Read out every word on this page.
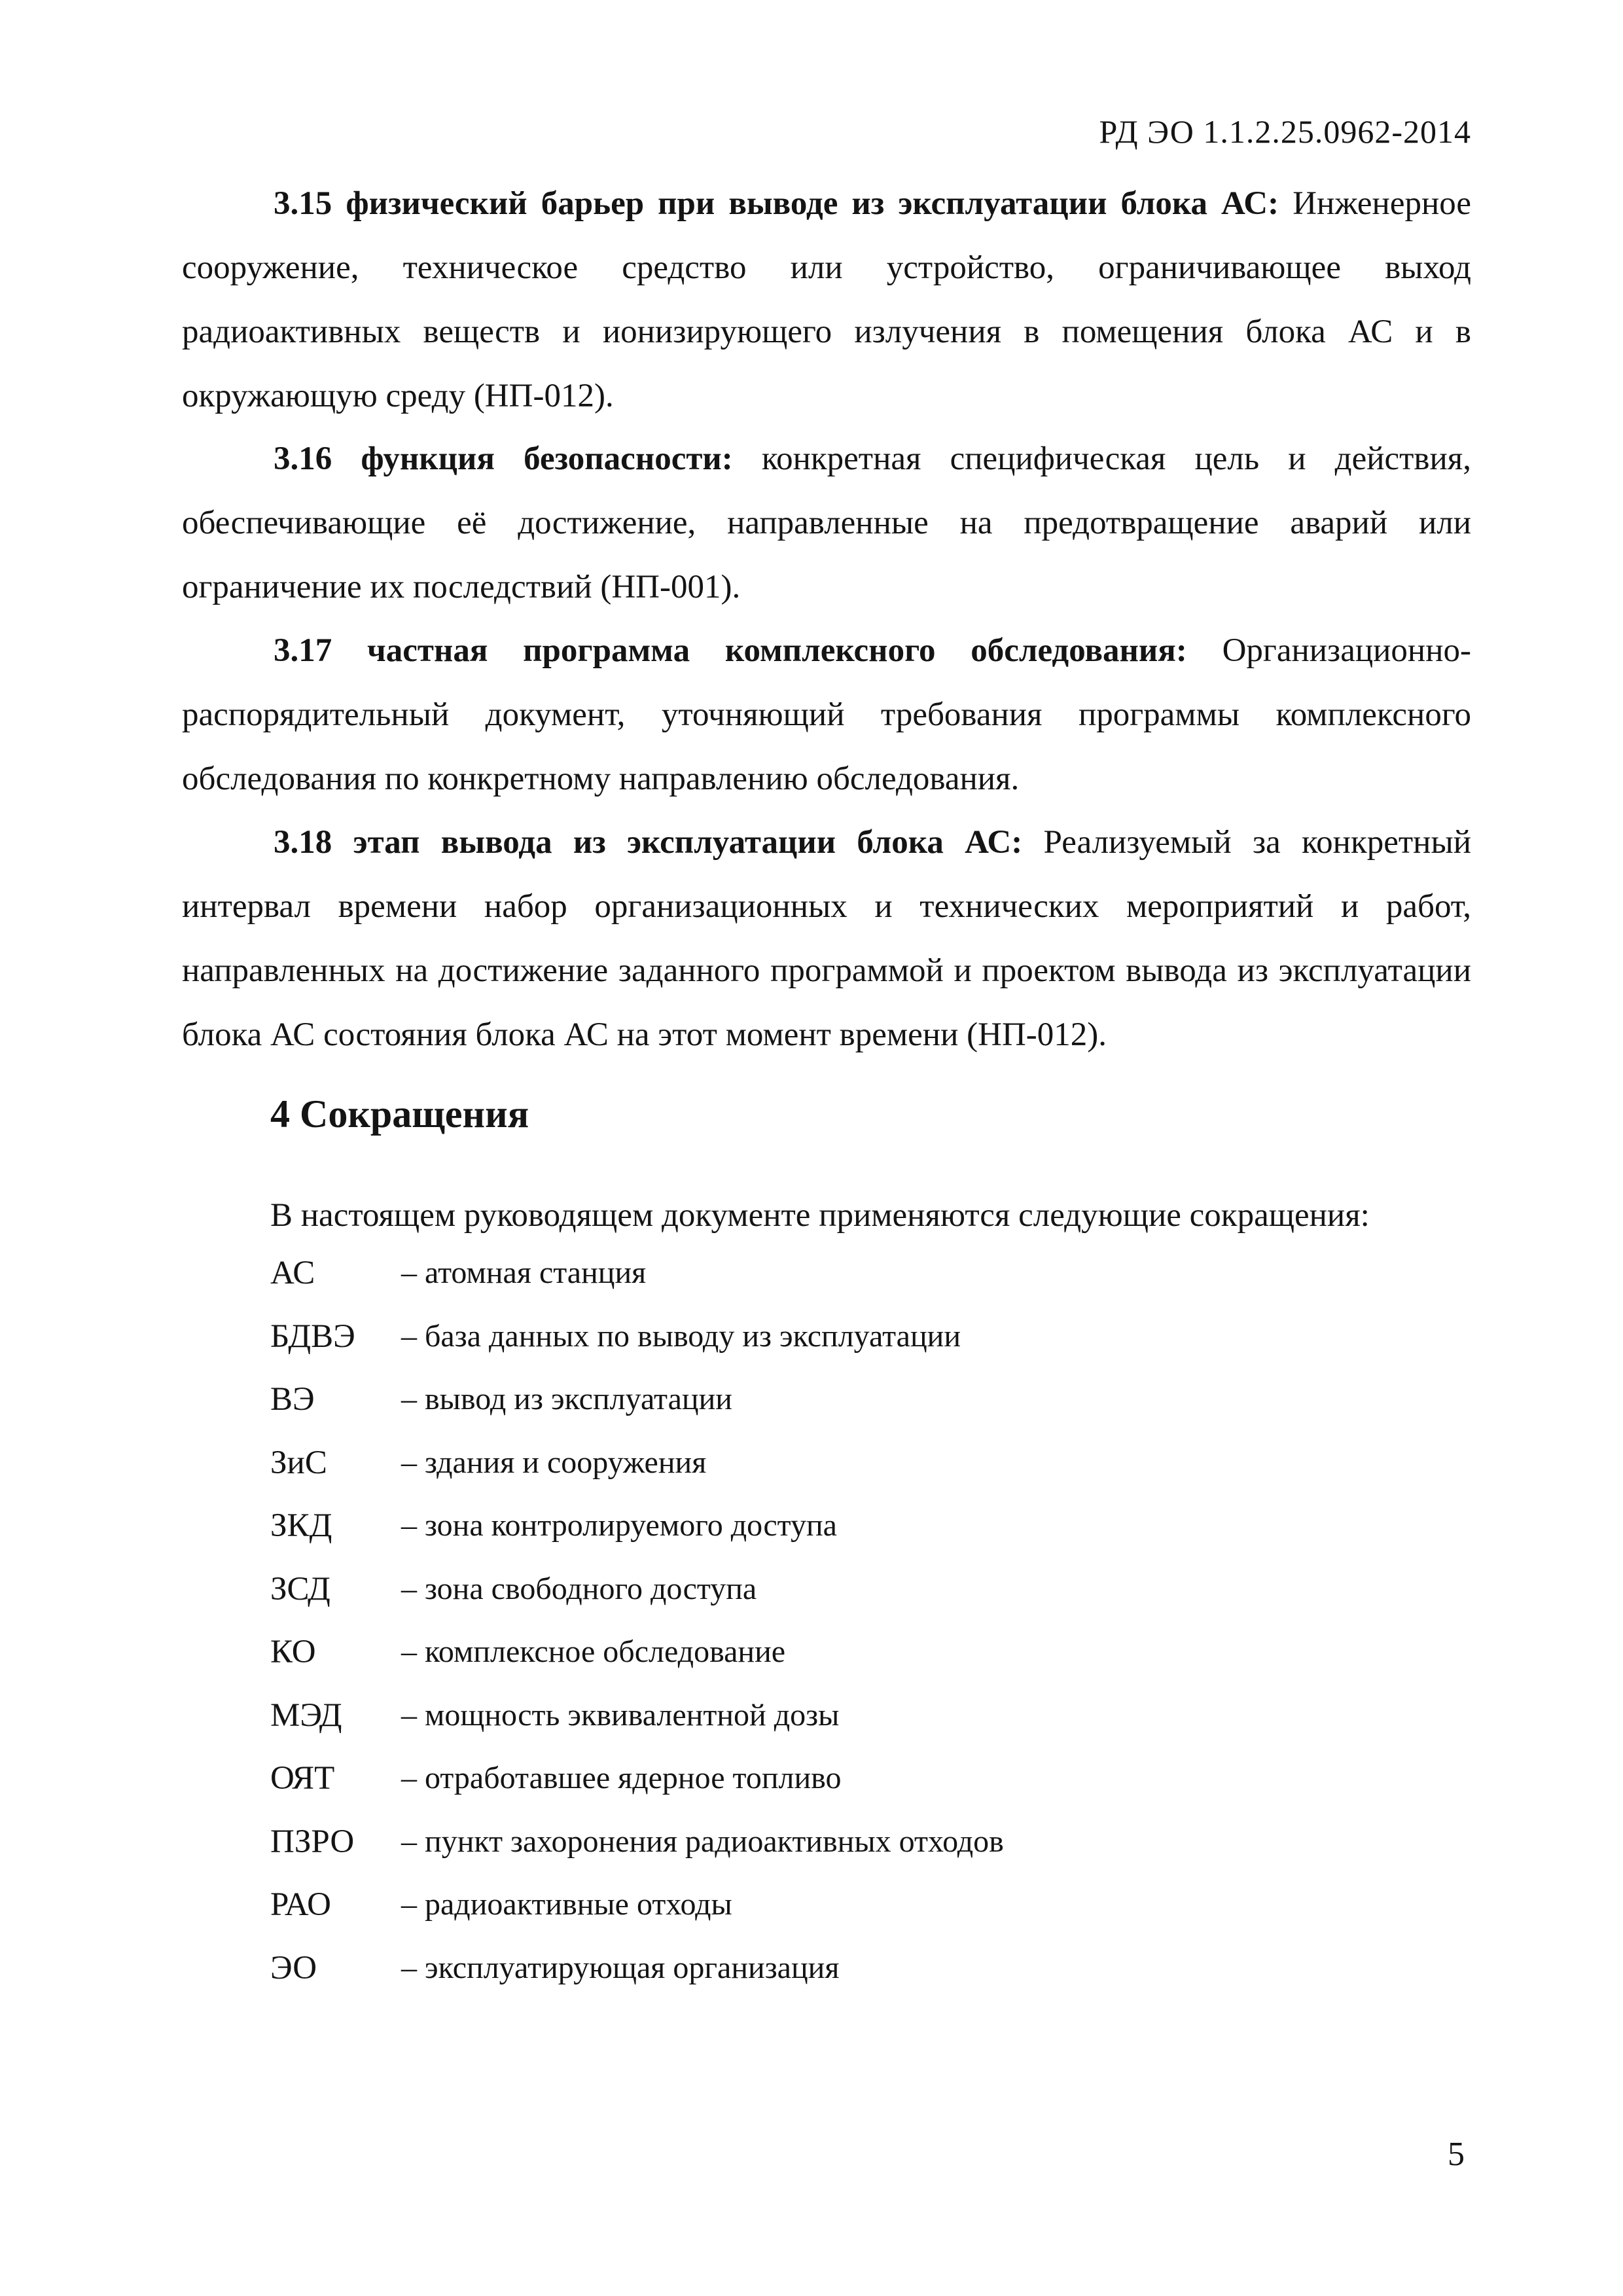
РД ЭО 1.1.2.25.0962-2014

3.15 физический барьер при выводе из эксплуатации блока АС: Инженерное сооружение, техническое средство или устройство, ограничивающее выход радиоактивных веществ и ионизирующего излучения в помещения блока АС и в окружающую среду (НП-012).

3.16 функция безопасности: конкретная специфическая цель и действия, обеспечивающие её достижение, направленные на предотвращение аварий или ограничение их последствий (НП-001).

3.17 частная программа комплексного обследования: Организационно-распорядительный документ, уточняющий требования программы комплексного обследования по конкретному направлению обследования.

3.18 этап вывода из эксплуатации блока АС: Реализуемый за конкретный интервал времени набор организационных и технических мероприятий и работ, направленных на достижение заданного программой и проектом вывода из эксплуатации блока АС состояния блока АС на этот момент времени (НП-012).

4 Сокращения

В настоящем руководящем документе применяются следующие сокращения:

АС	– атомная станция
БДВЭ	– база данных по выводу из эксплуатации
ВЭ	– вывод из эксплуатации
ЗиС	– здания и сооружения
ЗКД	– зона контролируемого доступа
ЗСД	– зона свободного доступа
КО	– комплексное обследование
МЭД	– мощность эквивалентной дозы
ОЯТ	– отработавшее ядерное топливо
ПЗРО	– пункт захоронения радиоактивных отходов
РАО	– радиоактивные отходы
ЭО	– эксплуатирующая организация
5
